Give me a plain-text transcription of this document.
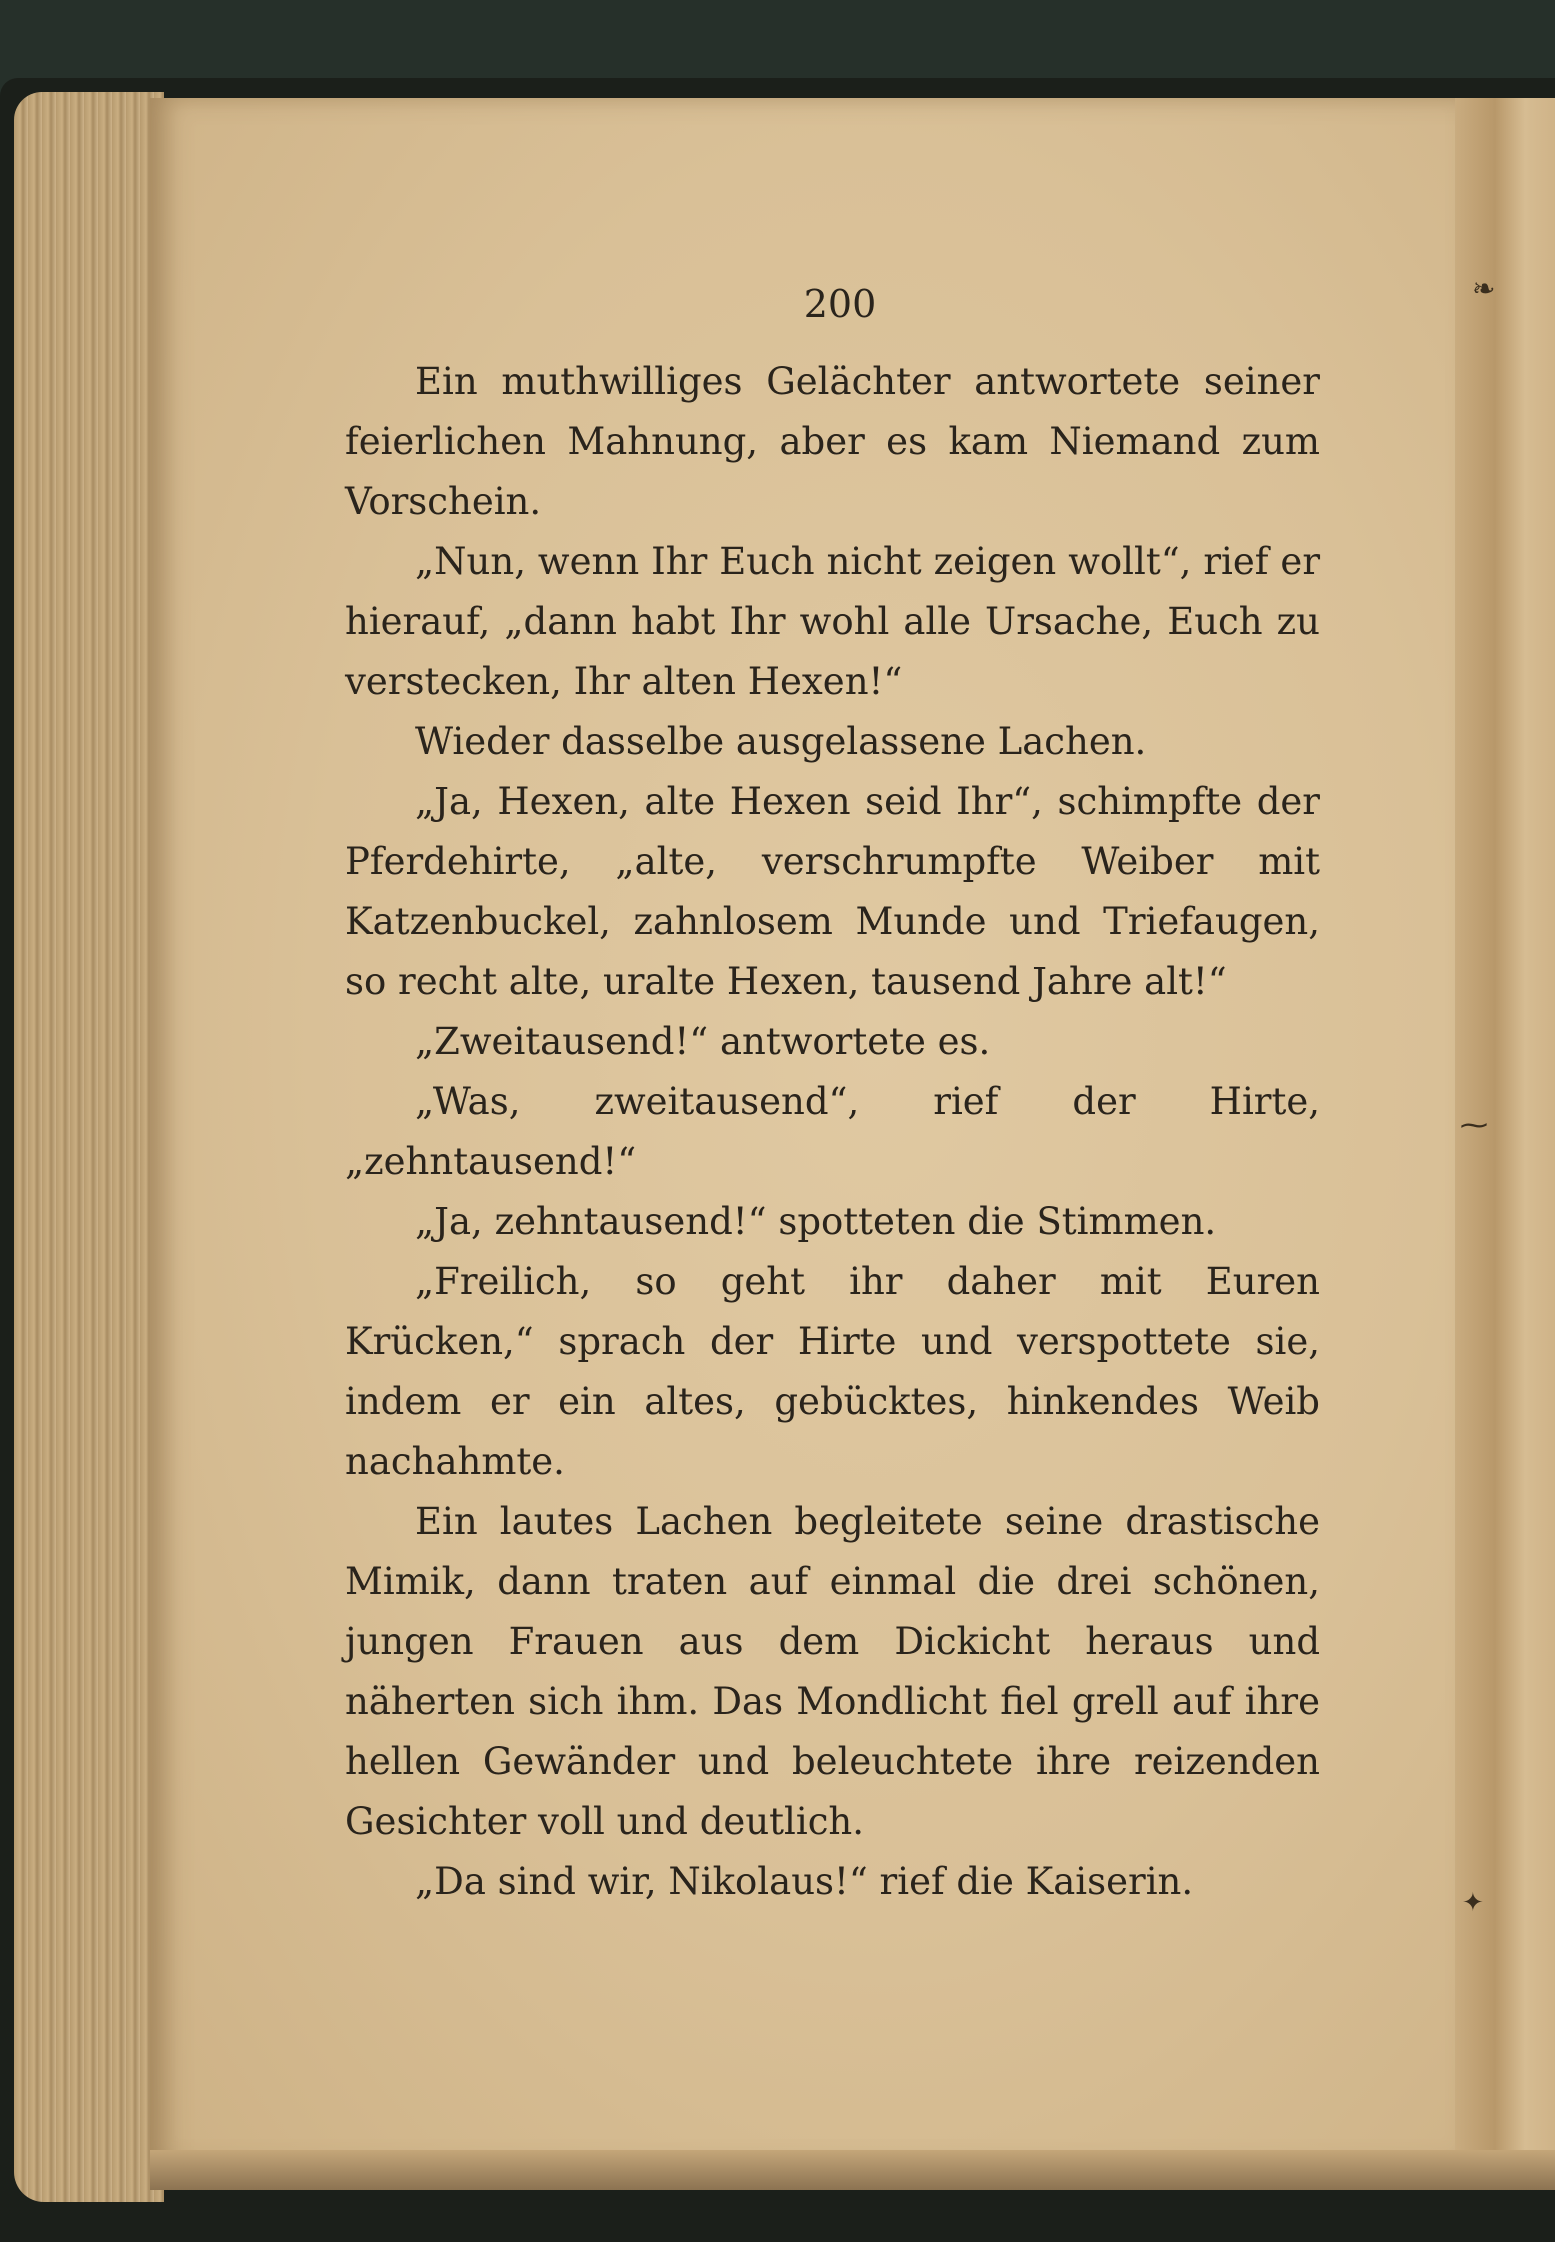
200

Ein muthwilliges Gelächter antwortete seiner feierlichen Mahnung, aber es kam Niemand zum Vorschein.

„Nun, wenn Ihr Euch nicht zeigen wollt“, rief er hierauf, „dann habt Ihr wohl alle Ursache, Euch zu verstecken, Ihr alten Hexen!“

Wieder dasselbe ausgelassene Lachen.

„Ja, Hexen, alte Hexen seid Ihr“, schimpfte der Pferdehirte, „alte, verschrumpfte Weiber mit Katzenbuckel, zahnlosem Munde und Triefaugen, so recht alte, uralte Hexen, tausend Jahre alt!“

„Zweitausend!“ antwortete es.

„Was, zweitausend“, rief der Hirte, „zehntausend!“

„Ja, zehntausend!“ spotteten die Stimmen.

„Freilich, so geht ihr daher mit Euren Krücken,“ sprach der Hirte und verspottete sie, indem er ein altes, gebücktes, hinkendes Weib nachahmte.

Ein lautes Lachen begleitete seine drastische Mimik, dann traten auf einmal die drei schönen, jungen Frauen aus dem Dickicht heraus und näherten sich ihm. Das Mondlicht fiel grell auf ihre hellen Gewänder und beleuchtete ihre reizenden Gesichter voll und deutlich.

„Da sind wir, Nikolaus!“ rief die Kaiserin.

❧
⁓
✦
